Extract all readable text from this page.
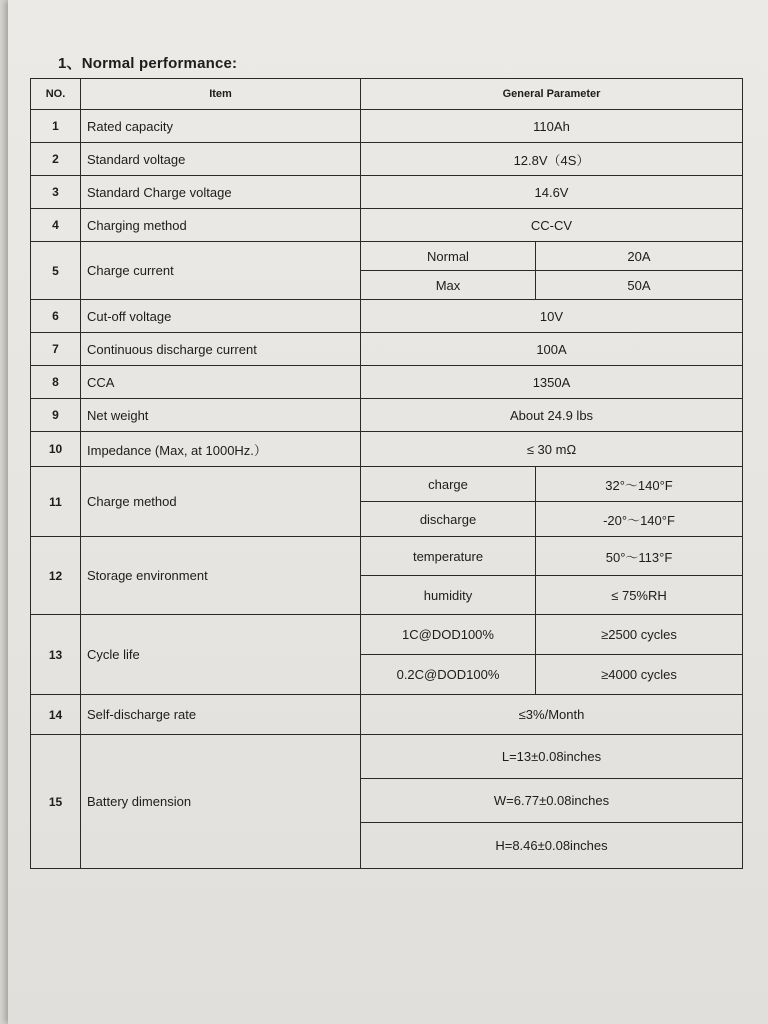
1、Normal performance:
NO.	Item	General Parameter	
1	Rated capacity	110Ah	
2	Standard voltage	12.8V（4S）	
3	Standard Charge voltage	14.6V	
4	Charging method	CC-CV	
5	Charge current	Normal	20A
		Max	50A
6	Cut-off voltage	10V	
7	Continuous discharge current	100A	
8	CCA	1350A	
9	Net weight	About 24.9 lbs	
10	Impedance (Max, at 1000Hz.）	≤ 30 mΩ	
11	Charge method	charge	32°～140°F
		discharge	-20°～140°F
12	Storage environment	temperature	50°～113°F
		humidity	≤ 75%RH
13	Cycle life	1C@DOD100%	≥2500 cycles
		0.2C@DOD100%	≥4000 cycles
14	Self-discharge rate	≤3%/Month	
15	Battery dimension	L=13±0.08inches	
		W=6.77±0.08inches	
		H=8.46±0.08inches	
